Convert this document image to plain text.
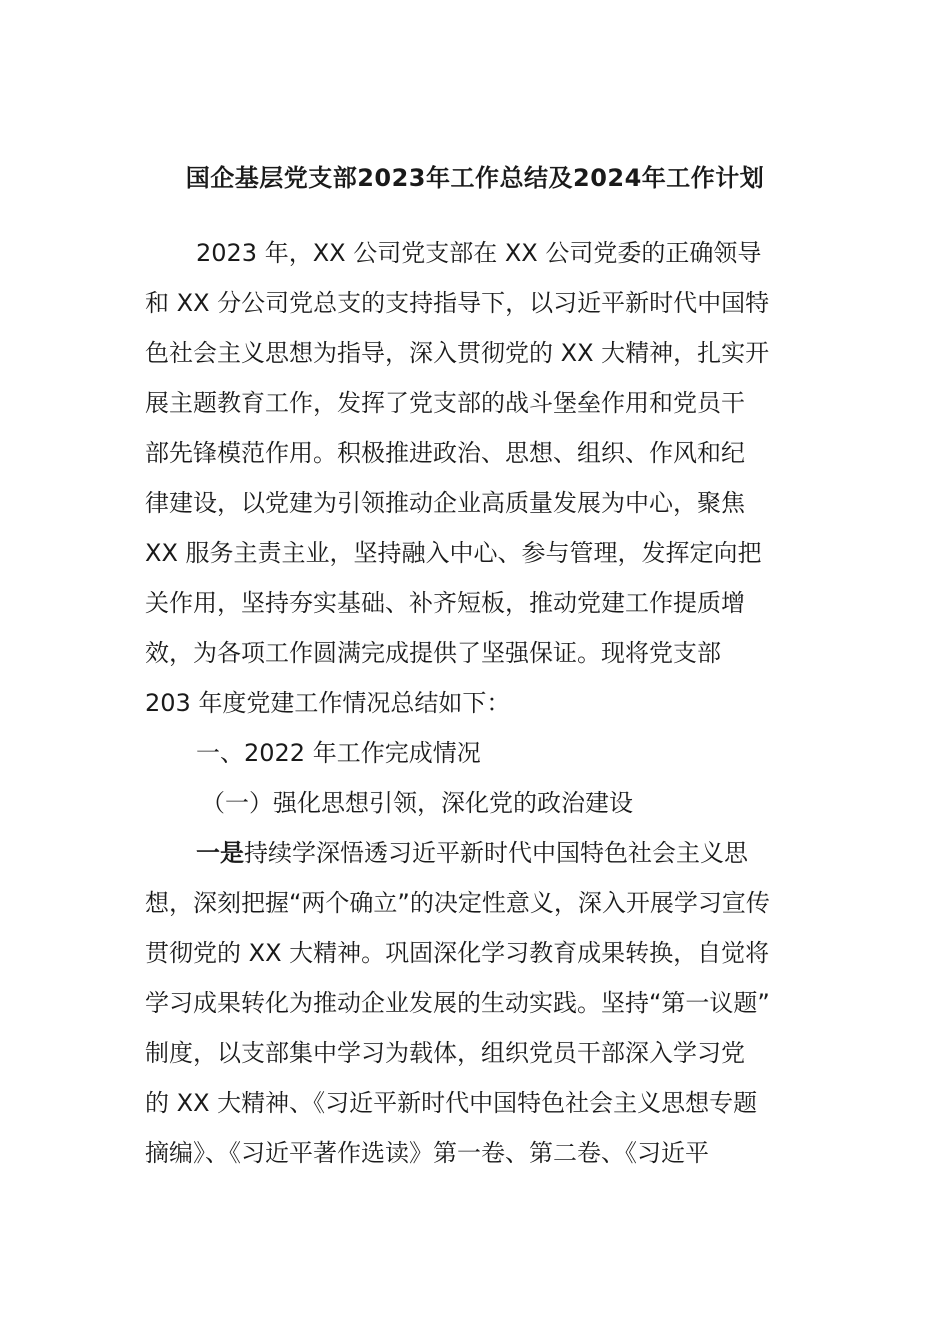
国企基层党支部2023年工作总结及2024年工作计划
2023 年，XX 公司党支部在 XX 公司党委的正确领导
和 XX 分公司党总支的支持指导下，以习近平新时代中国特
色社会主义思想为指导，深入贯彻党的 XX 大精神，扎实开
展主题教育工作，发挥了党支部的战斗堡垒作用和党员干
部先锋模范作用。积极推进政治、思想、组织、作风和纪
律建设，以党建为引领推动企业高质量发展为中心，聚焦
XX 服务主责主业，坚持融入中心、参与管理，发挥定向把
关作用，坚持夯实基础、补齐短板，推动党建工作提质增
效，为各项工作圆满完成提供了坚强保证。现将党支部
203 年度党建工作情况总结如下：
一、2022 年工作完成情况
（一）强化思想引领，深化党的政治建设
一是持续学深悟透习近平新时代中国特色社会主义思
想，深刻把握“两个确立”的决定性意义，深入开展学习宣传
贯彻党的 XX 大精神。巩固深化学习教育成果转换，自觉将
学习成果转化为推动企业发展的生动实践。坚持“第一议题”
制度，以支部集中学习为载体，组织党员干部深入学习党
的 XX 大精神、《习近平新时代中国特色社会主义思想专题
摘编》、《习近平著作选读》第一卷、第二卷、《习近平
